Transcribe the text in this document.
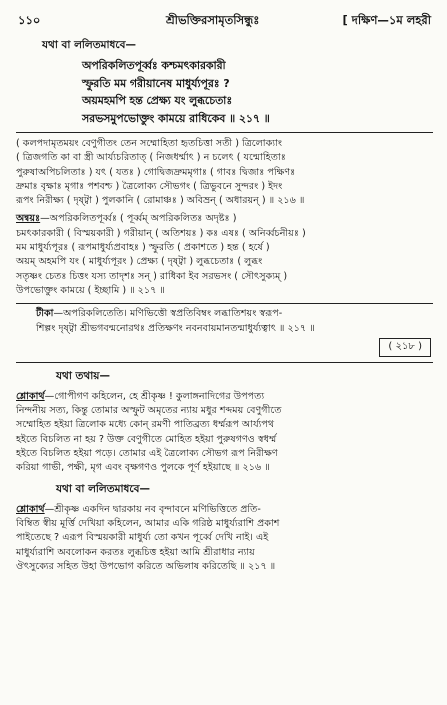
১১০	শ্রীভক্তিরসামৃতসিন্ধুঃ	[ দক্ষিণ—১ম লহরী
যথা বা ললিতমাধবে—
অপরিকলিতপূর্ব্বঃ কশ্চমৎকারকারী
স্ফুরতি মম গরীয়ানেষ মাধুর্য্যপূরঃ ?
অয়মহমপি হন্ত প্রেক্ষ্য যং লুব্ধচেতাঃ
সরভসমুপভোক্তুং কাময়ে রাধিকেব ॥ ২১৭ ॥

( কলপদামৃতময়ং বেণুগীতং তেন সম্মোহিতা হৃতচিত্তা সতী ) ত্রিলোক্যাং

( ত্রিজগতি কা বা স্ত্রী আর্য্যচরিতাত্ ( নিজধর্ম্মাৎ ) ন চলেৎ ( যন্মোহিতাঃ

পুরুষাঅপিচলিতাঃ ) যৎ ( যতঃ ) গোদ্বিজদ্রুমমৃগাঃ ( গাবঃ দ্বিজাঃ পক্ষিণঃ

দ্রুমাঃ বৃক্ষাঃ মৃগাঃ পশবশ্চ ) ত্রৈলোক্য সৌভগং ( ত্রিভুবনে সুন্দরং ) ইদং

রূপং নিরীক্ষ্য ( দৃষ্ট্বা ) পুলকানি ( রোমাঞ্চঃ ) অবিভ্রন্ ( অধারয়ন্ ) ॥ ২১৬ ॥

অন্বয়ঃ—অপরিকলিতপূর্ব্বঃ ( পূর্ব্বম্ অপরিকলিতঃ অদৃষ্টঃ )

চমৎকারকারী ( বিস্ময়কারী ) গরীয়ান্ ( অতিশয়ঃ ) কঃ এষঃ ( অনির্ব্বচনীয়ঃ )

মম মাধুর্য্যপূরঃ ( রূপমাধুর্য্যপ্রবাহঃ ) স্ফুরতি ( প্রকাশতে ) হন্ত ( হর্ষে )

অয়ম্ অহমপি যং ( মাধুর্য্যপূরং ) প্রেক্ষ্য ( দৃষ্ট্বা ) লুব্ধচেতাঃ ( লুব্ধং

সতৃষ্ণং চেতঃ চিত্তং যস্য তাদৃশঃ সন্ ) রাধিকা ইব সরভসং ( সৌৎসুক্যম্ )

উপভোক্তুং কাময়ে ( ইচ্ছামি ) ॥ ২১৭ ॥

টীকা—অপরিকলিতেতি। মণিভিত্তৌ স্বপ্রতিবিম্বং লব্ধাতিশয়ং স্বরূপ-
শিল্পং দৃষ্ট্বা শ্রীভগবন্মনোরথঃ প্রতিক্ষণং নবনবায়মানতন্মাধুর্য্যত্বাৎ ॥ ২১৭ ॥
( ২১৮ )
যথা তথায়—

শ্লোকার্থ—গোপীগণ কহিলেন, হে শ্রীকৃষ্ণ ! কুলাঙ্গনাদিগের উপপত্য

নিন্দনীয় সত্য, কিন্তু তোমার অস্ফুট অমৃতের ন্যায় মধুর শব্দময় বেণুগীতে

সম্মোহিত হইয়া ত্রিলোক মধ্যে কোন্ রমণী পাতিব্রত্য ধর্ম্মরূপ আর্য্যপথ

হইতে বিচলিত না হয় ? উক্ত বেণুগীতে মোহিত হইয়া পুরুষগণও স্বধর্ম্ম

হইতে বিচলিত হইয়া পড়ে। তোমার এই ত্রৈলোক্য সৌভগ রূপ নিরীক্ষণ

করিয়া গাভী, পক্ষী, মৃগ এবং বৃক্ষগণও পুলকে পূর্ণ হইয়াছে ॥ ২১৬ ॥

যথা বা ললিতমাধবে—

শ্লোকার্থ—শ্রীকৃষ্ণ একদিন দ্বারকায় নব বৃন্দাবনে মণিভিত্তিতে প্রতি-

বিম্বিত স্বীয় মূর্ত্তি দেখিয়া কহিলেন, আমার একি গরিষ্ঠ মাধুর্য্যরাশি প্রকাশ

পাইতেছে ? এরূপ বিস্ময়কারী মাধুর্য্য তো কখন পূর্ব্বে দেখি নাই। এই

মাধুর্য্যরাশি অবলোকন করতঃ লুব্ধচিত্ত হইয়া আমি শ্রীরাধার ন্যায়

ঔৎসুক্যের সহিত উহা উপভোগ করিতে অভিলাষ করিতেছি ॥ ২১৭ ॥
